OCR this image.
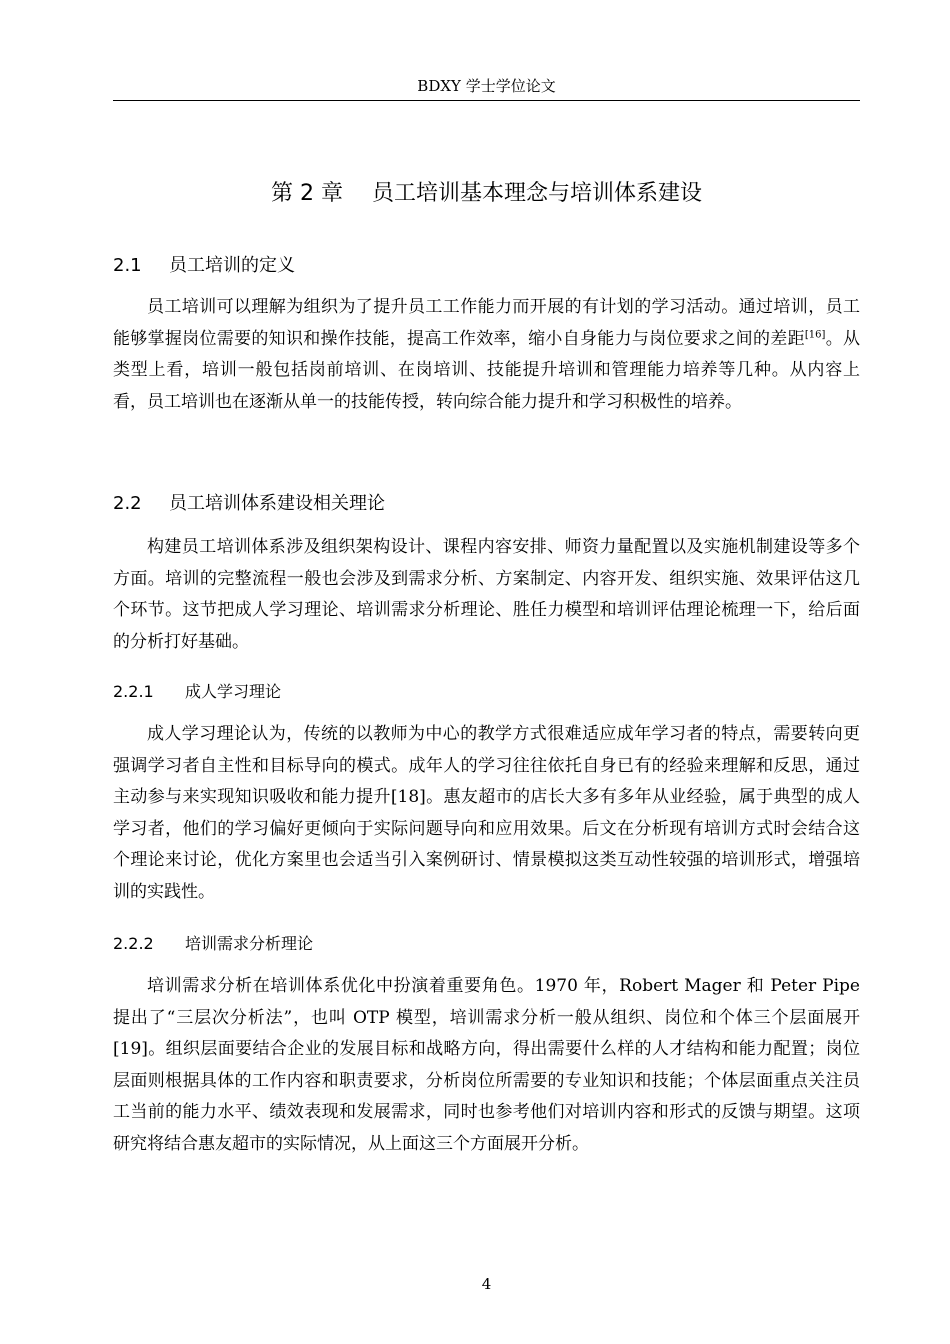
BDXY 学士学位论文
第 2 章　 员工培训基本理念与培训体系建设
2.1 员工培训的定义

员工培训可以理解为组织为了提升员工工作能力而开展的有计划的学习活动。通过培训，员工能够掌握岗位需要的知识和操作技能，提高工作效率，缩小自身能力与岗位要求之间的差距[16]。从类型上看，培训一般包括岗前培训、在岗培训、技能提升培训和管理能力培养等几种。从内容上看，员工培训也在逐渐从单一的技能传授，转向综合能力提升和学习积极性的培养。

2.2 员工培训体系建设相关理论

构建员工培训体系涉及组织架构设计、课程内容安排、师资力量配置以及实施机制建设等多个方面。培训的完整流程一般也会涉及到需求分析、方案制定、内容开发、组织实施、效果评估这几个环节。这节把成人学习理论、培训需求分析理论、胜任力模型和培训评估理论梳理一下，给后面的分析打好基础。

2.2.1 成人学习理论

成人学习理论认为，传统的以教师为中心的教学方式很难适应成年学习者的特点，需要转向更强调学习者自主性和目标导向的模式。成年人的学习往往依托自身已有的经验来理解和反思，通过主动参与来实现知识吸收和能力提升[18]。惠友超市的店长大多有多年从业经验，属于典型的成人学习者，他们的学习偏好更倾向于实际问题导向和应用效果。后文在分析现有培训方式时会结合这个理论来讨论，优化方案里也会适当引入案例研讨、情景模拟这类互动性较强的培训形式，增强培训的实践性。

2.2.2 培训需求分析理论

培训需求分析在培训体系优化中扮演着重要角色。1970 年，Robert Mager 和 Peter Pipe 提出了“三层次分析法”，也叫 OTP 模型，培训需求分析一般从组织、岗位和个体三个层面展开[19]。组织层面要结合企业的发展目标和战略方向，得出需要什么样的人才结构和能力配置；岗位层面则根据具体的工作内容和职责要求，分析岗位所需要的专业知识和技能；个体层面重点关注员工当前的能力水平、绩效表现和发展需求，同时也参考他们对培训内容和形式的反馈与期望。这项研究将结合惠友超市的实际情况，从上面这三个方面展开分析。

4
